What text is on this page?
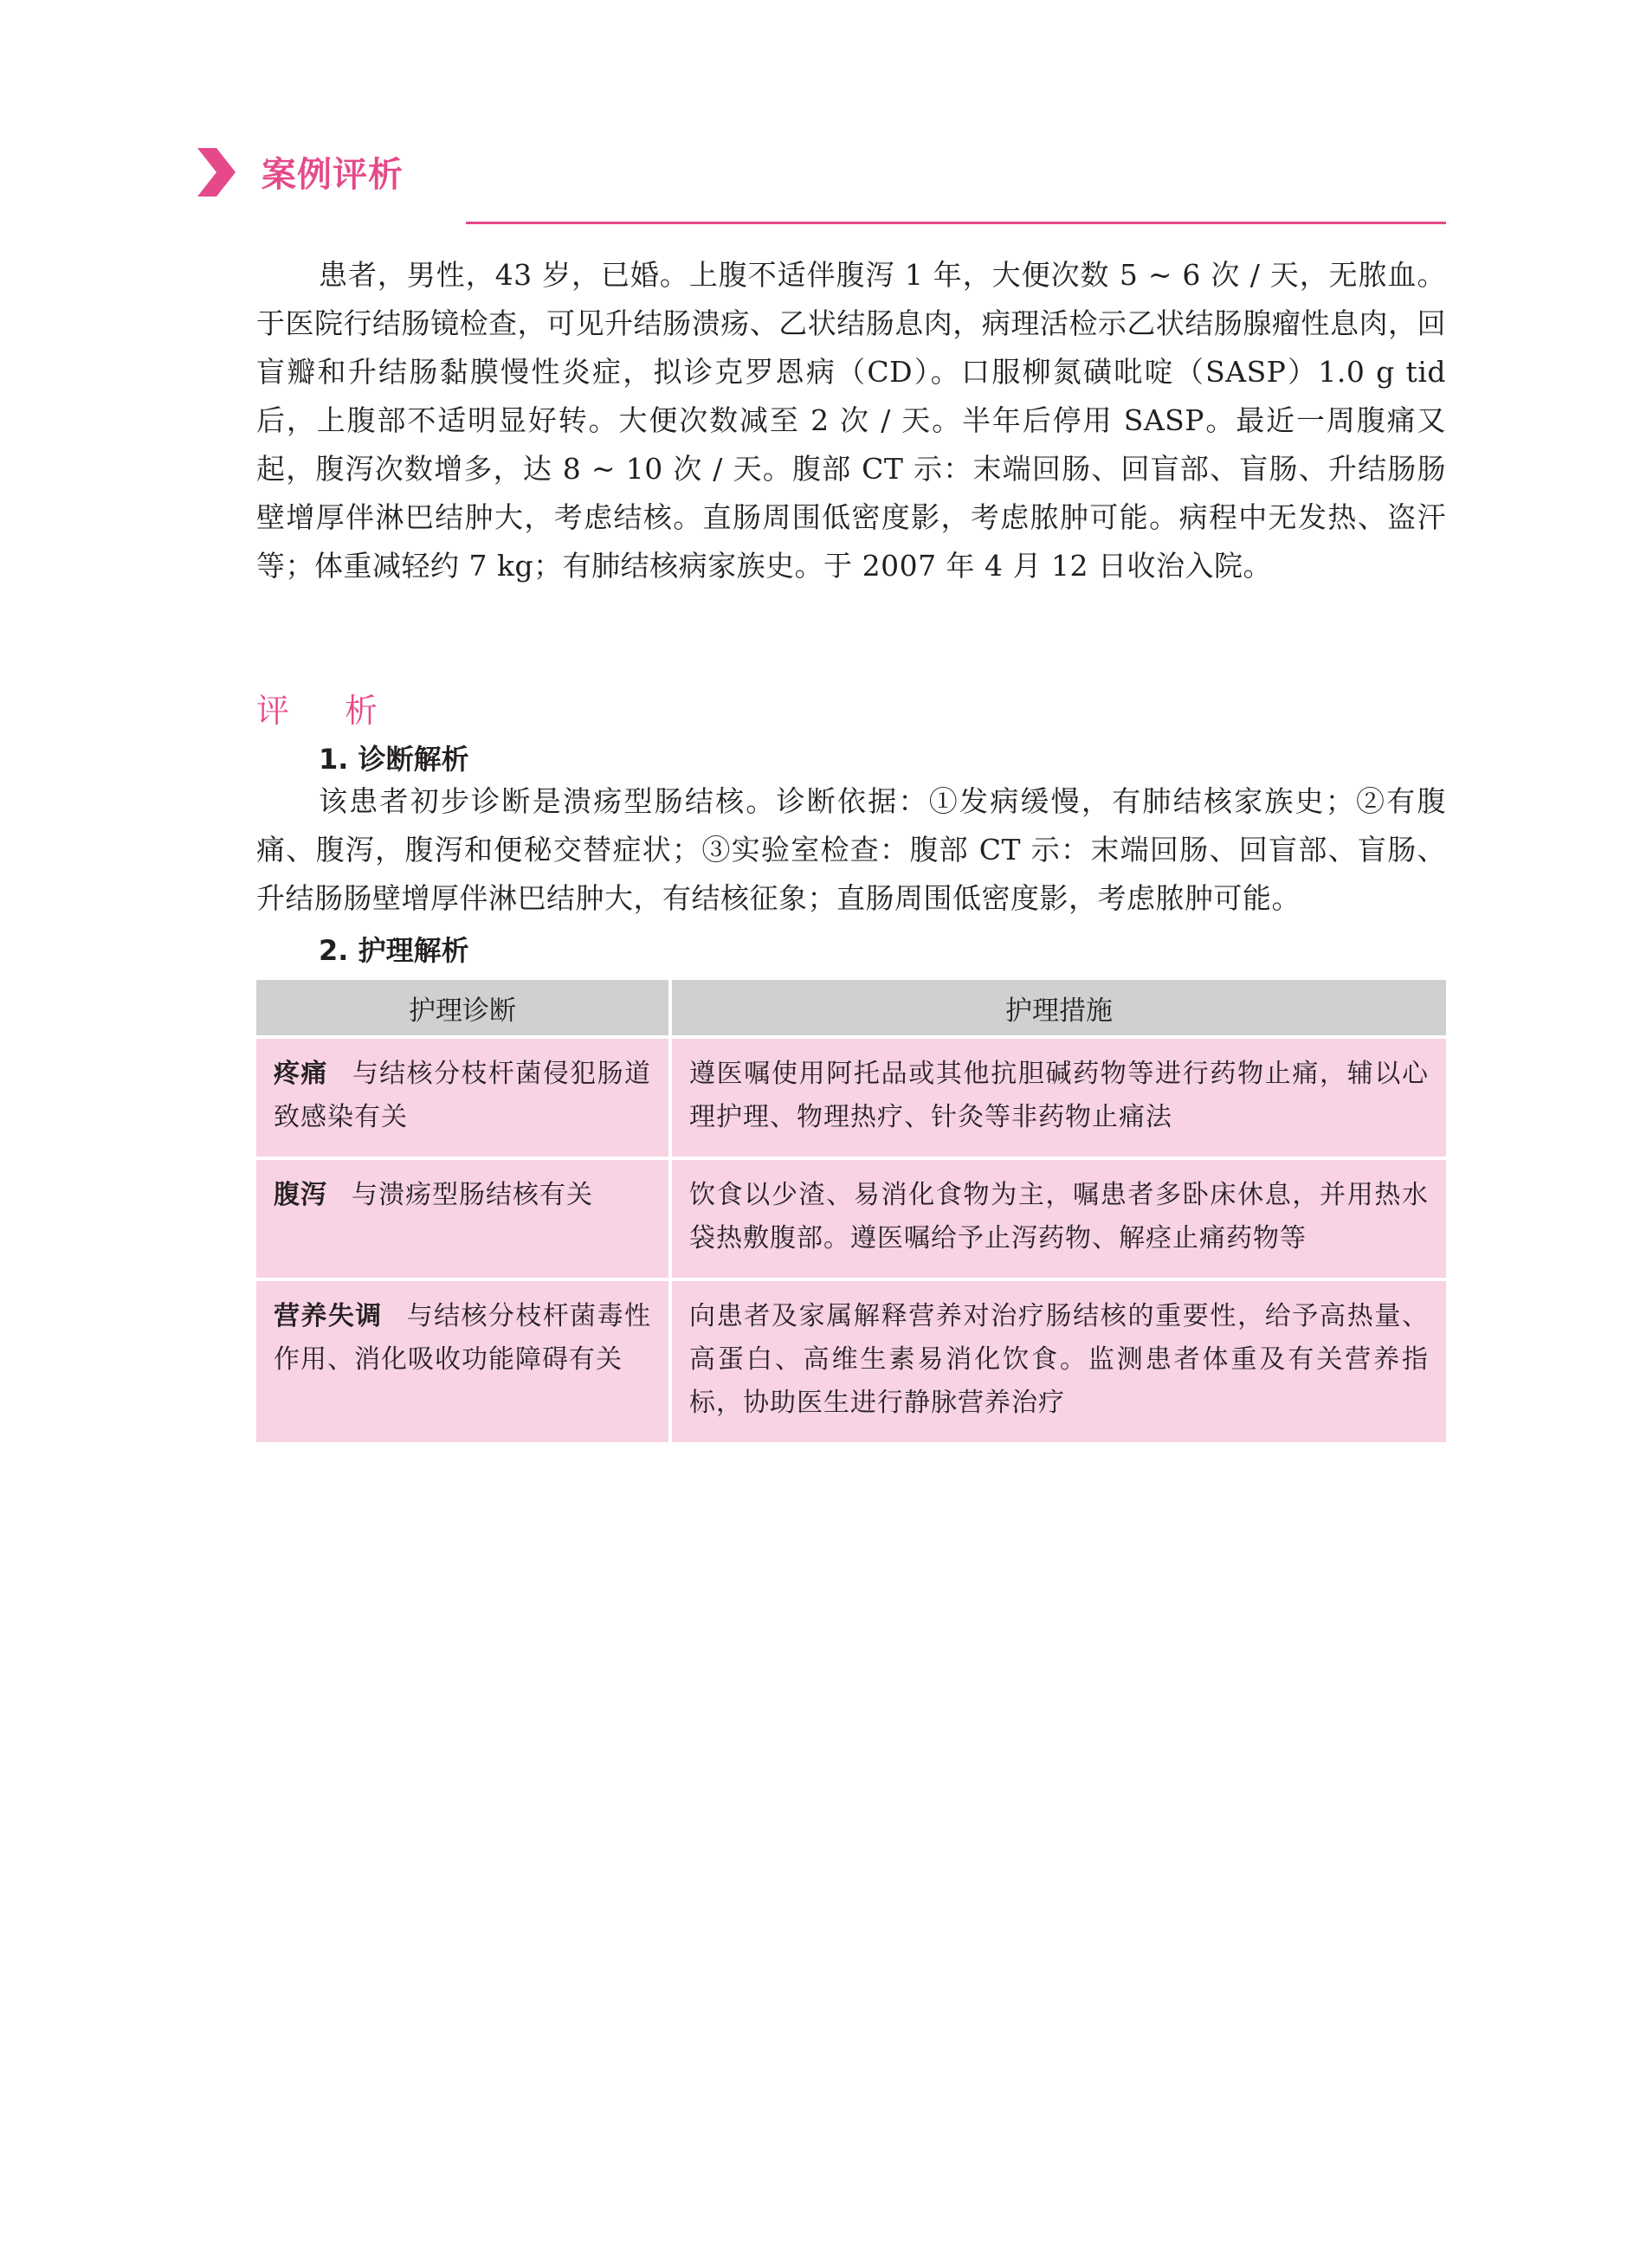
案例评析
患者，男性，43 岁，已婚。上腹不适伴腹泻 1 年，大便次数 5 ~ 6 次 / 天，无脓血。于医院行结肠镜检查，可见升结肠溃疡、乙状结肠息肉，病理活检示乙状结肠腺瘤性息肉，回盲瓣和升结肠黏膜慢性炎症，拟诊克罗恩病（CD）。口服柳氮磺吡啶（SASP）1.0 g tid 后，上腹部不适明显好转。大便次数减至 2 次 / 天。半年后停用 SASP。最近一周腹痛又起，腹泻次数增多，达 8 ~ 10 次 / 天。腹部 CT 示：末端回肠、回盲部、盲肠、升结肠肠壁增厚伴淋巴结肿大，考虑结核。直肠周围低密度影，考虑脓肿可能。病程中无发热、盗汗等；体重减轻约 7 kg；有肺结核病家族史。于 2007 年 4 月 12 日收治入院。
评析
1. 诊断解析
该患者初步诊断是溃疡型肠结核。诊断依据：①发病缓慢，有肺结核家族史；②有腹痛、腹泻，腹泻和便秘交替症状；③实验室检查：腹部 CT 示：末端回肠、回盲部、盲肠、升结肠肠壁增厚伴淋巴结肿大，有结核征象；直肠周围低密度影，考虑脓肿可能。
2. 护理解析
护理诊断	护理措施
疼痛 与结核分枝杆菌侵犯肠道致感染有关	遵医嘱使用阿托品或其他抗胆碱药物等进行药物止痛，辅以心理护理、物理热疗、针灸等非药物止痛法
腹泻 与溃疡型肠结核有关	饮食以少渣、易消化食物为主，嘱患者多卧床休息，并用热水袋热敷腹部。遵医嘱给予止泻药物、解痉止痛药物等
营养失调 与结核分枝杆菌毒性作用、消化吸收功能障碍有关	向患者及家属解释营养对治疗肠结核的重要性，给予高热量、高蛋白、高维生素易消化饮食。监测患者体重及有关营养指标，协助医生进行静脉营养治疗
